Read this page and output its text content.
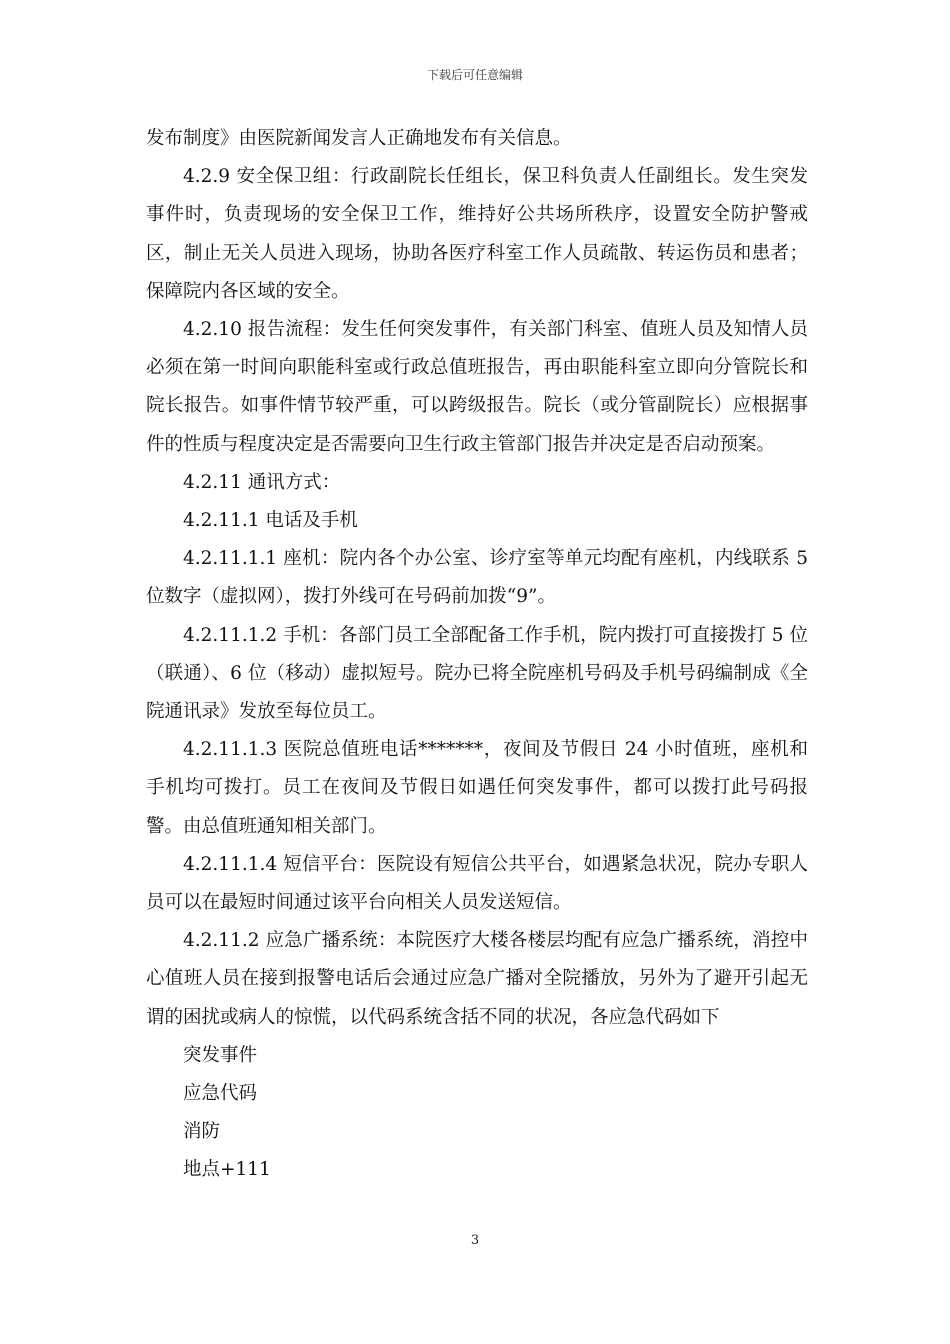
下载后可任意编辑

发布制度》由医院新闻发言人正确地发布有关信息。

4.2.9 安全保卫组：行政副院长任组长，保卫科负责人任副组长。发生突发事件时，负责现场的安全保卫工作，维持好公共场所秩序，设置安全防护警戒区，制止无关人员进入现场，协助各医疗科室工作人员疏散、转运伤员和患者；保障院内各区域的安全。

4.2.10 报告流程：发生任何突发事件，有关部门科室、值班人员及知情人员必须在第一时间向职能科室或行政总值班报告，再由职能科室立即向分管院长和院长报告。如事件情节较严重，可以跨级报告。院长（或分管副院长）应根据事件的性质与程度决定是否需要向卫生行政主管部门报告并决定是否启动预案。

4.2.11 通讯方式：

4.2.11.1 电话及手机

4.2.11.1.1 座机：院内各个办公室、诊疗室等单元均配有座机，内线联系 5 位数字（虚拟网），拨打外线可在号码前加拨“9”。

4.2.11.1.2 手机：各部门员工全部配备工作手机，院内拨打可直接拨打 5 位（联通）、6 位（移动）虚拟短号。院办已将全院座机号码及手机号码编制成《全院通讯录》发放至每位员工。

4.2.11.1.3 医院总值班电话*******，夜间及节假日 24 小时值班，座机和手机均可拨打。员工在夜间及节假日如遇任何突发事件，都可以拨打此号码报警。由总值班通知相关部门。

4.2.11.1.4 短信平台：医院设有短信公共平台，如遇紧急状况，院办专职人员可以在最短时间通过该平台向相关人员发送短信。

4.2.11.2 应急广播系统：本院医疗大楼各楼层均配有应急广播系统，消控中心值班人员在接到报警电话后会通过应急广播对全院播放，另外为了避开引起无谓的困扰或病人的惊慌，以代码系统含括不同的状况，各应急代码如下

突发事件

应急代码

消防

地点+111

3
